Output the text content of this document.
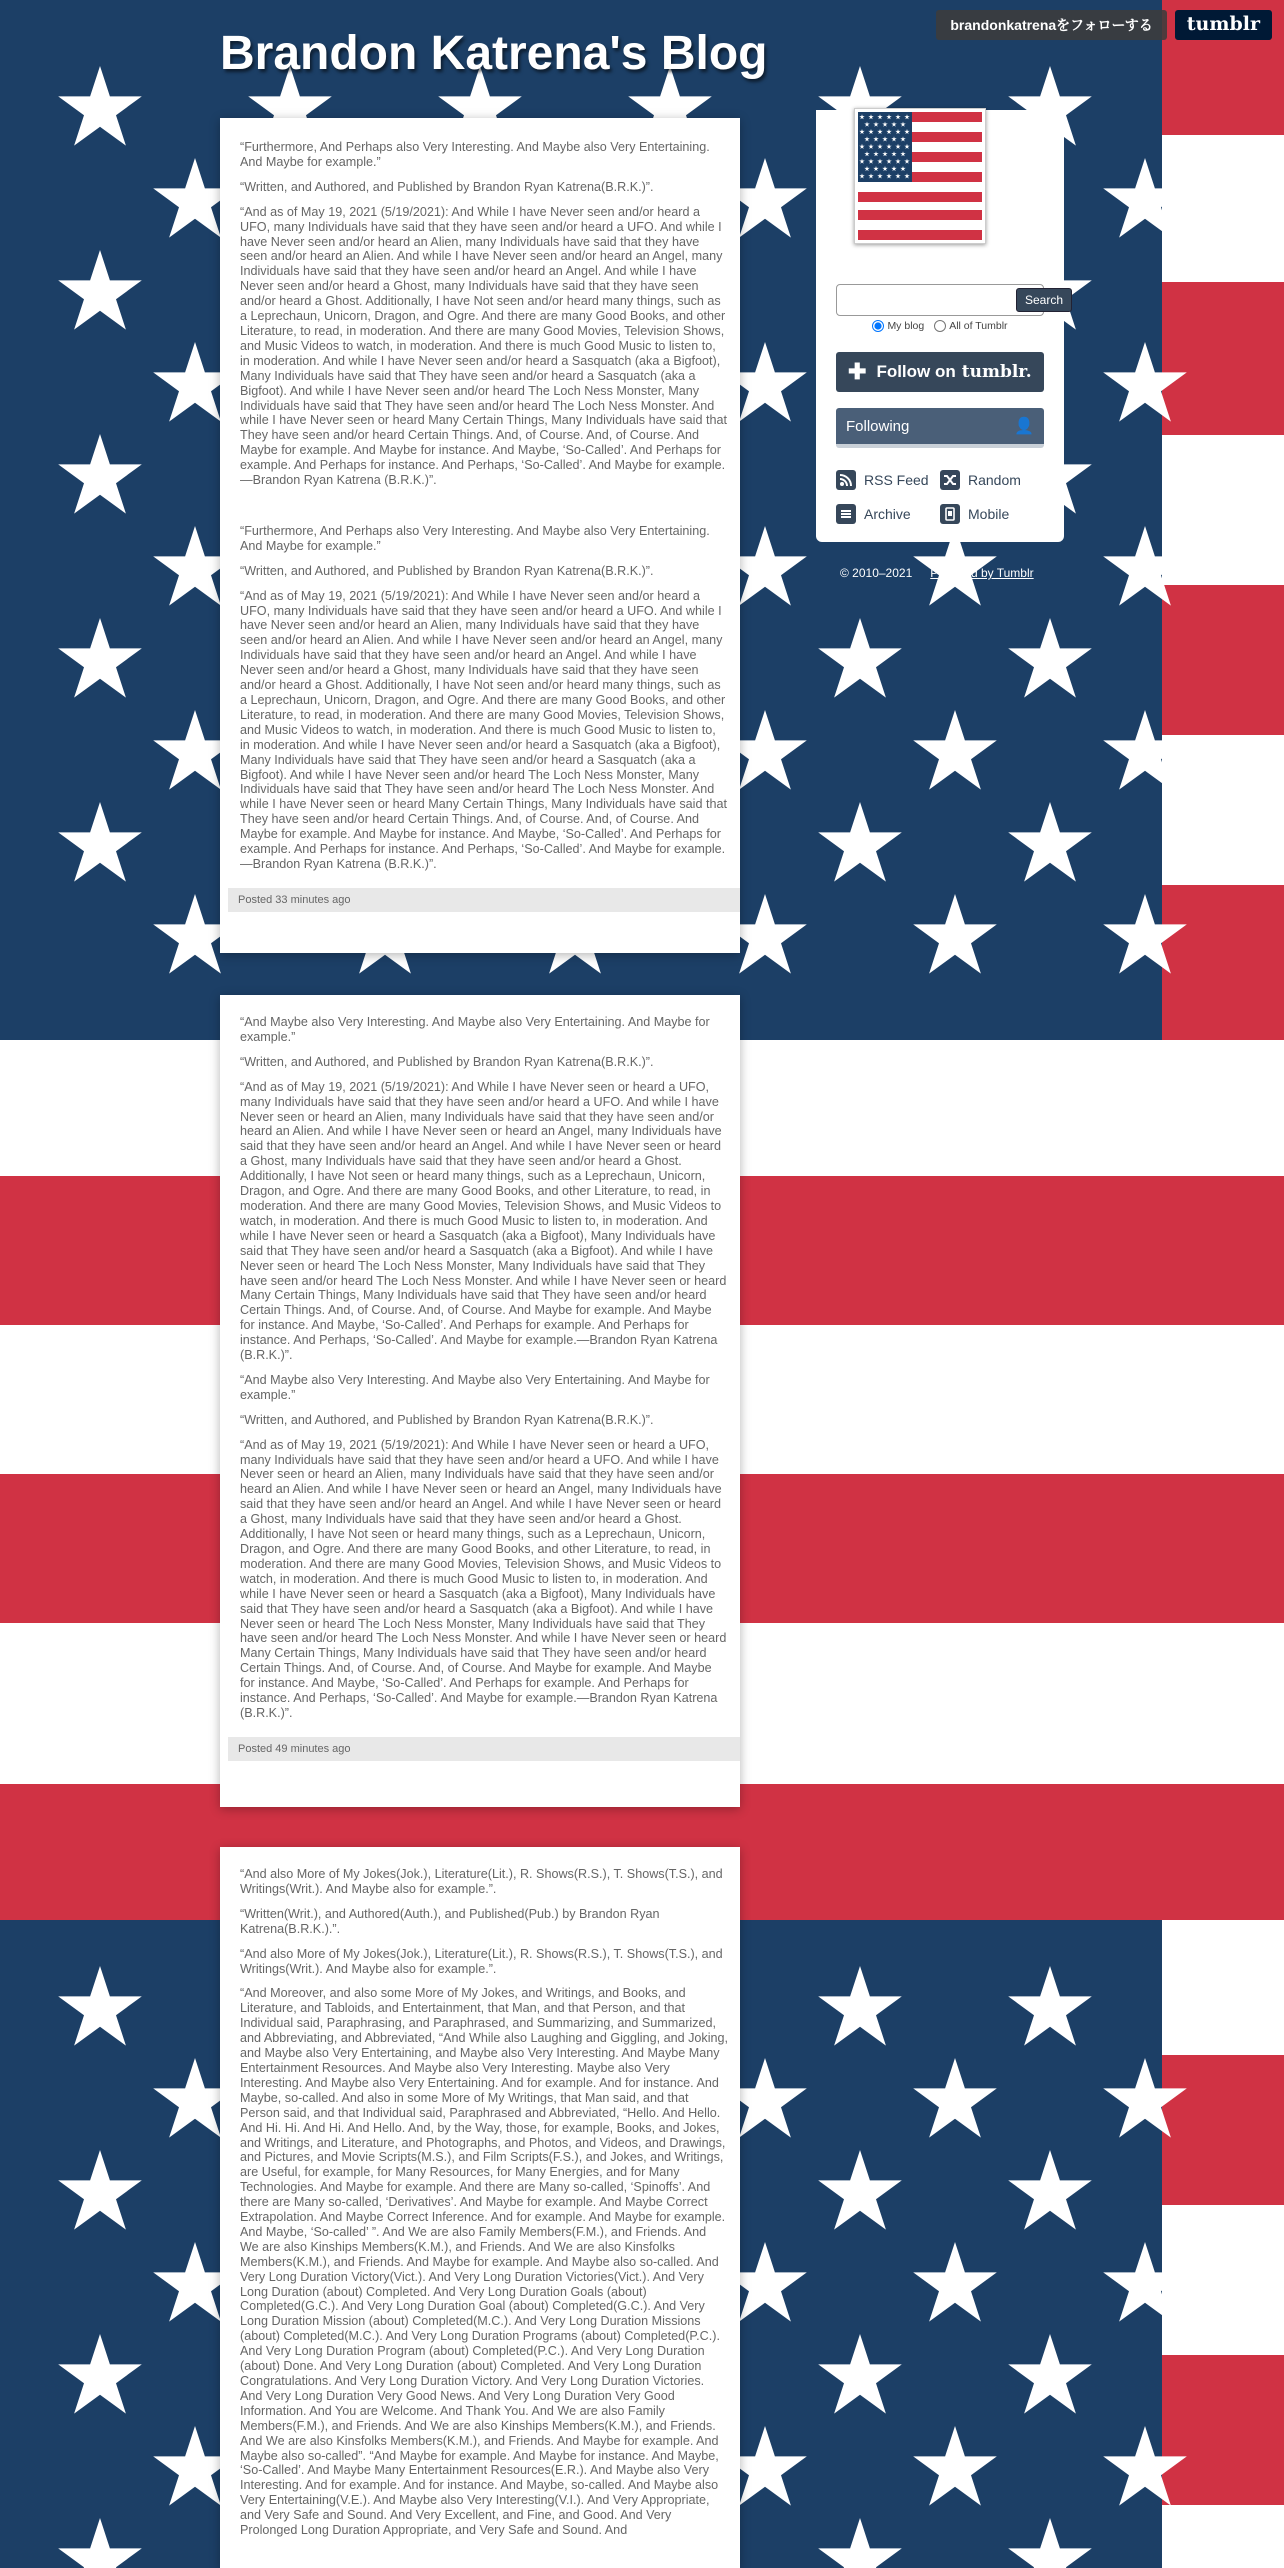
brandonkatrenaをフォローする	tumblr
Brandon Katrena's Blog

“Furthermore, And Perhaps also Very Interesting. And Maybe also Very Entertaining. And Maybe for example.”

“Written, and Authored, and Published by Brandon Ryan Katrena(B.R.K.)”.

“And as of May 19, 2021 (5/19/2021): And While I have Never seen and/or heard a UFO, many Individuals have said that they have seen and/or heard a UFO. And while I have Never seen and/or heard an Alien, many Individuals have said that they have seen and/or heard an Alien. And while I have Never seen and/or heard an Angel, many Individuals have said that they have seen and/or heard an Angel. And while I have Never seen and/or heard a Ghost, many Individuals have said that they have seen and/or heard a Ghost. Additionally, I have Not seen and/or heard many things, such as a Leprechaun, Unicorn, Dragon, and Ogre. And there are many Good Books, and other Literature, to read, in moderation. And there are many Good Movies, Television Shows, and Music Videos to watch, in moderation. And there is much Good Music to listen to, in moderation. And while I have Never seen and/or heard a Sasquatch (aka a Bigfoot), Many Individuals have said that They have seen and/or heard a Sasquatch (aka a Bigfoot). And while I have Never seen and/or heard The Loch Ness Monster, Many Individuals have said that They have seen and/or heard The Loch Ness Monster. And while I have Never seen or heard Many Certain Things, Many Individuals have said that They have seen and/or heard Certain Things. And, of Course. And, of Course. And Maybe for example. And Maybe for instance. And Maybe, ‘So-Called’. And Perhaps for example. And Perhaps for instance. And Perhaps, ‘So-Called’. And Maybe for example.—Brandon Ryan Katrena (B.R.K.)”.

“Furthermore, And Perhaps also Very Interesting. And Maybe also Very Entertaining. And Maybe for example.”

“Written, and Authored, and Published by Brandon Ryan Katrena(B.R.K.)”.

“And as of May 19, 2021 (5/19/2021): And While I have Never seen and/or heard a UFO, many Individuals have said that they have seen and/or heard a UFO. And while I have Never seen and/or heard an Alien, many Individuals have said that they have seen and/or heard an Alien. And while I have Never seen and/or heard an Angel, many Individuals have said that they have seen and/or heard an Angel. And while I have Never seen and/or heard a Ghost, many Individuals have said that they have seen and/or heard a Ghost. Additionally, I have Not seen and/or heard many things, such as a Leprechaun, Unicorn, Dragon, and Ogre. And there are many Good Books, and other Literature, to read, in moderation. And there are many Good Movies, Television Shows, and Music Videos to watch, in moderation. And there is much Good Music to listen to, in moderation. And while I have Never seen and/or heard a Sasquatch (aka a Bigfoot), Many Individuals have said that They have seen and/or heard a Sasquatch (aka a Bigfoot). And while I have Never seen and/or heard The Loch Ness Monster, Many Individuals have said that They have seen and/or heard The Loch Ness Monster. And while I have Never seen or heard Many Certain Things, Many Individuals have said that They have seen and/or heard Certain Things. And, of Course. And, of Course. And Maybe for example. And Maybe for instance. And Maybe, ‘So-Called’. And Perhaps for example. And Perhaps for instance. And Perhaps, ‘So-Called’. And Maybe for example.—Brandon Ryan Katrena (B.R.K.)”.

Posted 33 minutes ago

“And Maybe also Very Interesting. And Maybe also Very Entertaining. And Maybe for example.”

“Written, and Authored, and Published by Brandon Ryan Katrena(B.R.K.)”.

“And as of May 19, 2021 (5/19/2021): And While I have Never seen or heard a UFO, many Individuals have said that they have seen and/or heard a UFO. And while I have Never seen or heard an Alien, many Individuals have said that they have seen and/or heard an Alien. And while I have Never seen or heard an Angel, many Individuals have said that they have seen and/or heard an Angel. And while I have Never seen or heard a Ghost, many Individuals have said that they have seen and/or heard a Ghost. Additionally, I have Not seen or heard many things, such as a Leprechaun, Unicorn, Dragon, and Ogre. And there are many Good Books, and other Literature, to read, in moderation. And there are many Good Movies, Television Shows, and Music Videos to watch, in moderation. And there is much Good Music to listen to, in moderation. And while I have Never seen or heard a Sasquatch (aka a Bigfoot), Many Individuals have said that They have seen and/or heard a Sasquatch (aka a Bigfoot). And while I have Never seen or heard The Loch Ness Monster, Many Individuals have said that They have seen and/or heard The Loch Ness Monster. And while I have Never seen or heard Many Certain Things, Many Individuals have said that They have seen and/or heard Certain Things. And, of Course. And, of Course. And Maybe for example. And Maybe for instance. And Maybe, ‘So-Called’. And Perhaps for example. And Perhaps for instance. And Perhaps, ‘So-Called’. And Maybe for example.—Brandon Ryan Katrena (B.R.K.)”.

“And Maybe also Very Interesting. And Maybe also Very Entertaining. And Maybe for example.”

“Written, and Authored, and Published by Brandon Ryan Katrena(B.R.K.)”.

“And as of May 19, 2021 (5/19/2021): And While I have Never seen or heard a UFO, many Individuals have said that they have seen and/or heard a UFO. And while I have Never seen or heard an Alien, many Individuals have said that they have seen and/or heard an Alien. And while I have Never seen or heard an Angel, many Individuals have said that they have seen and/or heard an Angel. And while I have Never seen or heard a Ghost, many Individuals have said that they have seen and/or heard a Ghost. Additionally, I have Not seen or heard many things, such as a Leprechaun, Unicorn, Dragon, and Ogre. And there are many Good Books, and other Literature, to read, in moderation. And there are many Good Movies, Television Shows, and Music Videos to watch, in moderation. And there is much Good Music to listen to, in moderation. And while I have Never seen or heard a Sasquatch (aka a Bigfoot), Many Individuals have said that They have seen and/or heard a Sasquatch (aka a Bigfoot). And while I have Never seen or heard The Loch Ness Monster, Many Individuals have said that They have seen and/or heard The Loch Ness Monster. And while I have Never seen or heard Many Certain Things, Many Individuals have said that They have seen and/or heard Certain Things. And, of Course. And, of Course. And Maybe for example. And Maybe for instance. And Maybe, ‘So-Called’. And Perhaps for example. And Perhaps for instance. And Perhaps, ‘So-Called’. And Maybe for example.—Brandon Ryan Katrena (B.R.K.)”.

Posted 49 minutes ago

“And also More of My Jokes(Jok.), Literature(Lit.), R. Shows(R.S.), T. Shows(T.S.), and Writings(Writ.). And Maybe also for example.”.

“Written(Writ.), and Authored(Auth.), and Published(Pub.) by Brandon Ryan Katrena(B.R.K.).”.

“And also More of My Jokes(Jok.), Literature(Lit.), R. Shows(R.S.), T. Shows(T.S.), and Writings(Writ.). And Maybe also for example.”.

“And Moreover, and also some More of My Jokes, and Writings, and Books, and Literature, and Tabloids, and Entertainment, that Man, and that Person, and that Individual said, Paraphrasing, and Paraphrased, and Summarizing, and Summarized, and Abbreviating, and Abbreviated, “And While also Laughing and Giggling, and Joking, and Maybe also Very Entertaining, and Maybe also Very Interesting. And Maybe Many Entertainment Resources. And Maybe also Very Interesting. Maybe also Very Interesting. And Maybe also Very Entertaining. And for example. And for instance. And Maybe, so-called. And also in some More of My Writings, that Man said, and that Person said, and that Individual said, Paraphrased and Abbreviated, “Hello. And Hello. And Hi. Hi. And Hi. And Hello. And, by the Way, those, for example, Books, and Jokes, and Writings, and Literature, and Photographs, and Photos, and Videos, and Drawings, and Pictures, and Movie Scripts(M.S.), and Film Scripts(F.S.), and Jokes, and Writings, are Useful, for example, for Many Resources, for Many Energies, and for Many Technologies. And Maybe for example. And there are Many so-called, ‘Spinoffs’. And there are Many so-called, ‘Derivatives’. And Maybe for example. And Maybe Correct Extrapolation. And Maybe Correct Inference. And for example. And Maybe for example. And Maybe, ‘So-called’ ”. And We are also Family Members(F.M.), and Friends. And We are also Kinships Members(K.M.), and Friends. And We are also Kinsfolks Members(K.M.), and Friends. And Maybe for example. And Maybe also so-called. And Very Long Duration Victory(Vict.). And Very Long Duration Victories(Vict.). And Very Long Duration (about) Completed. And Very Long Duration Goals (about) Completed(G.C.). And Very Long Duration Goal (about) Completed(G.C.). And Very Long Duration Mission (about) Completed(M.C.). And Very Long Duration Missions (about) Completed(M.C.). And Very Long Duration Programs (about) Completed(P.C.). And Very Long Duration Program (about) Completed(P.C.). And Very Long Duration (about) Done. And Very Long Duration (about) Completed. And Very Long Duration Congratulations. And Very Long Duration Victory. And Very Long Duration Victories. And Very Long Duration Very Good News. And Very Long Duration Very Good Information. And You are Welcome. And Thank You. And We are also Family Members(F.M.), and Friends. And We are also Kinships Members(K.M.), and Friends. And We are also Kinsfolks Members(K.M.), and Friends. And Maybe for example. And Maybe also so-called”. “And Maybe for example. And Maybe for instance. And Maybe, ‘So-Called’. And Maybe Many Entertainment Resources(E.R.). And Maybe also Very Interesting. And for example. And for instance. And Maybe, so-called. And Maybe also Very Entertaining(V.E.). And Maybe also Very Interesting(V.I.). And Very Appropriate, and Very Safe and Sound. And Very Excellent, and Fine, and Good. And Very Prolonged Long Duration Appropriate, and Very Safe and Sound. And

Search
My blog All of Tumblr
✚ Follow on tumblr.
Following	👤
RSS Feed	Random
Archive	Mobile
© 2010–2021 Powered by Tumblr
